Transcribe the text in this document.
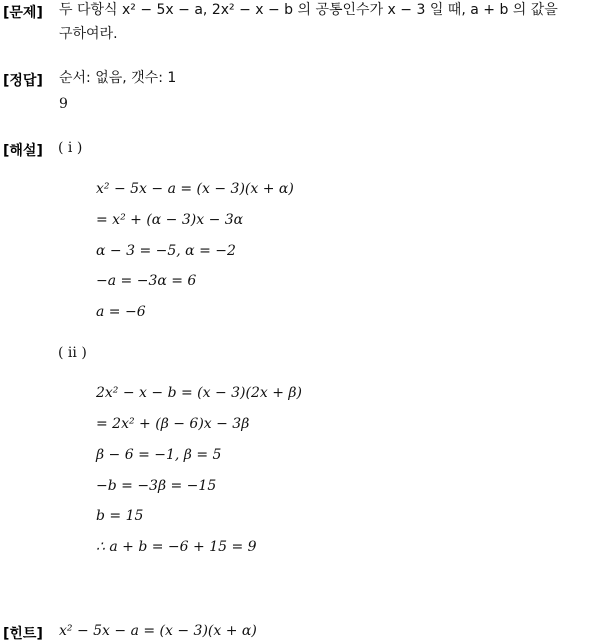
[문제] 두 다항식 x² − 5x − a, 2x² − x − b 의 공통인수가 x − 3 일 때, a + b 의 값을
구하여라.
[정답] 순서: 없음, 갯수: 1
9
[해설] ( i )
x² − 5x − a = (x − 3)(x + α)
= x² + (α − 3)x − 3α
α − 3 = −5, α = −2
−a = −3α = 6
a = −6
( ii )
2x² − x − b = (x − 3)(2x + β)
= 2x² + (β − 6)x − 3β
β − 6 = −1, β = 5
−b = −3β = −15
b = 15
∴ a + b = −6 + 15 = 9
[힌트] x² − 5x − a = (x − 3)(x + α)
